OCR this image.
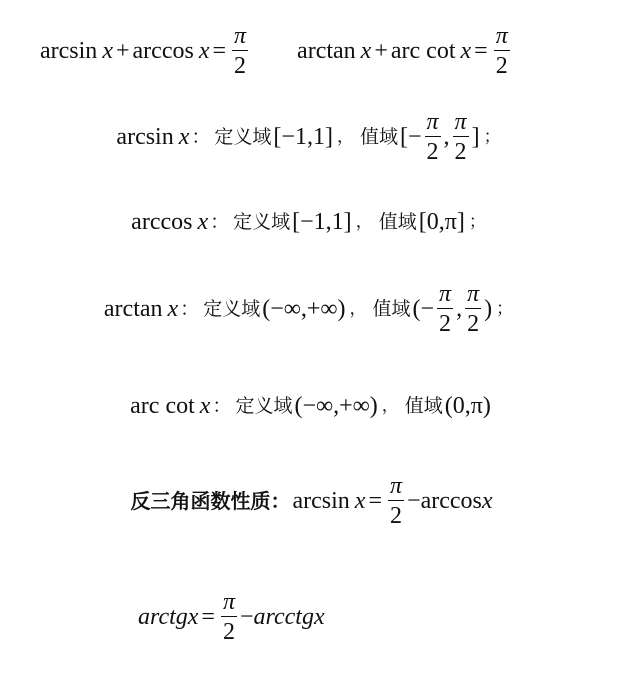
$\arcsin x + \arccos x = \frac{\pi}{2}$ arctan x + arc $\cot x = \frac{\pi}{2}$
arcsin x ： 定义域 [−1,1] ， 值域 [− $\frac{\pi}{2}$ , $\frac{\pi}{2}$ ] ；
arccos x ： 定义域 [−1,1] ， 值域 [0,π] ；
arctan x ： 定义域 (−∞,+∞) ， 值域 (− $\frac{\pi}{2}$ , $\frac{\pi}{2}$ ) ；
arc cot x ： 定义域 (−∞,+∞) ， 值域 (0,π)
反三角函数性质： $\arcsin x = \frac{\pi}{2} - \arccos x$
arctgx = $\frac{\pi}{2}$ − arcctgx
